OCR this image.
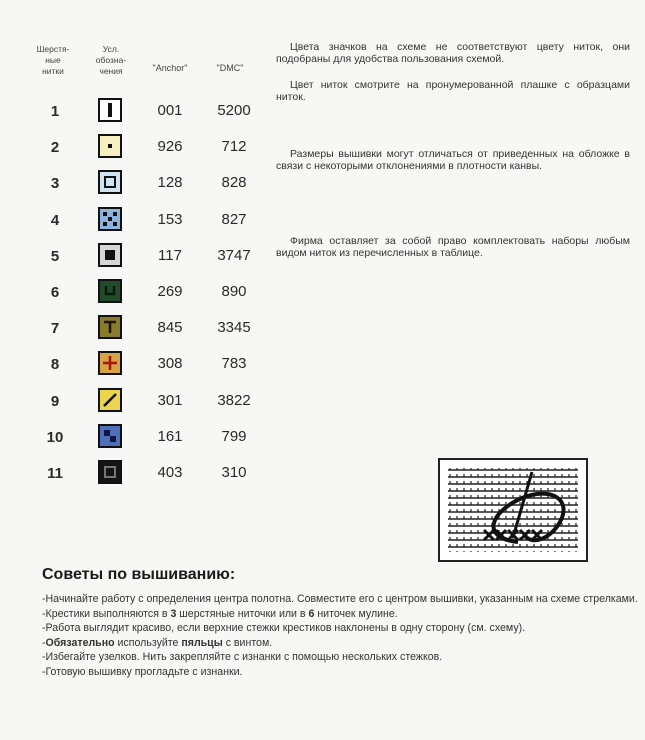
Шерстя-
ные
нитки
Усл.
обозна-
чения	"Anchor"	"DMC"
1	001	5200
2	926	712
3	128	828
4	153	827
5	117	3747
6	269	890
7	845	3345
8	308	783
9	301	3822
10	161	799
11	403	310
Цвета значков на схеме не соответствуют цвету ниток, они подобраны для удобства пользования схемой.
Цвет ниток смотрите на пронумерованной плашке с образцами ниток.
Размеры вышивки могут отличаться от приведенных на обложке в связи с некоторыми отклонениями в плотности канвы.
Фирма оставляет за собой право комплектовать наборы любым видом ниток из перечисленных в таблице.
Советы по вышиванию:

-Начинайте работу с определения центра полотна. Совместите его с центром вышивки, указанным на схеме стрелками.

-Крестики выполняются в 3 шерстяные ниточки или в 6 ниточек мулине.

-Работа выглядит красиво, если верхние стежки крестиков наклонены в одну сторону (см. схему).

-Обязательно используйте пяльцы с винтом.

-Избегайте узелков. Нить закрепляйте с изнанки с помощью нескольких стежков.

-Готовую вышивку прогладьте с изнанки.
